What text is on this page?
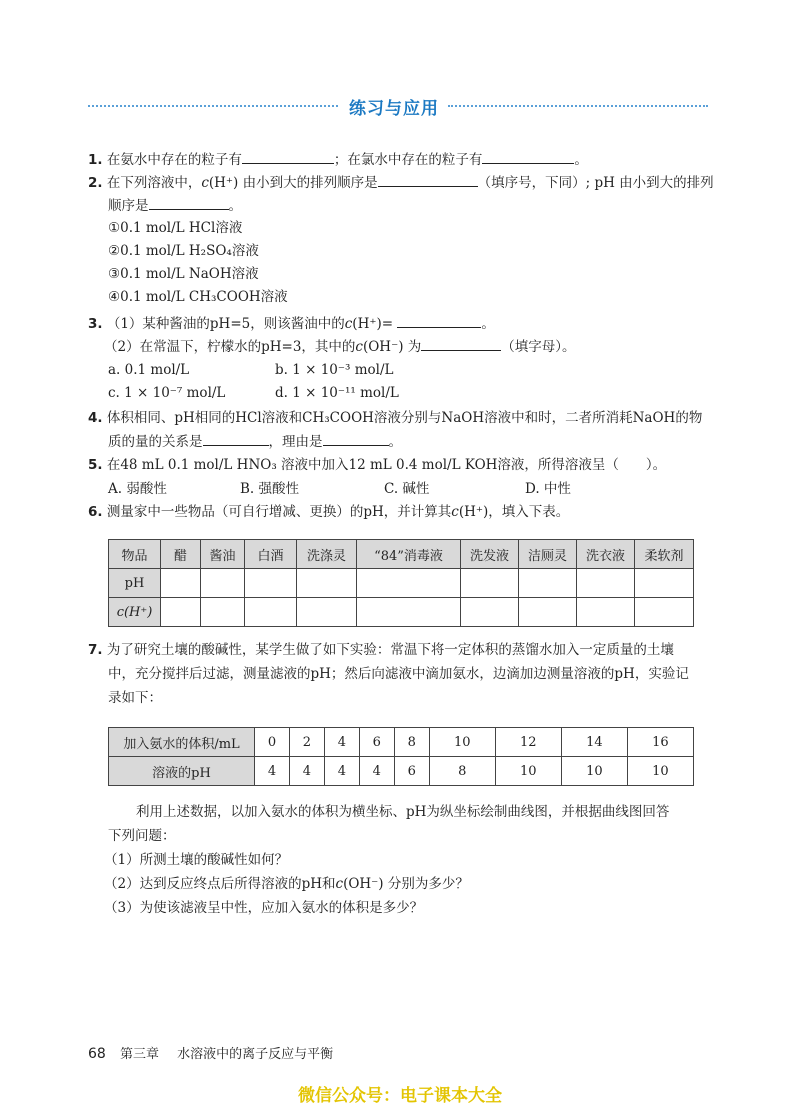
练习与应用
1. 在氨水中存在的粒子有	；在氯水中存在的粒子有	。
2. 在下列溶液中，c(H⁺) 由小到大的排列顺序是	（填序号，下同）; pH 由小到大的排列
顺序是	。
①0.1 mol/L HCl溶液
②0.1 mol/L H₂SO₄溶液
③0.1 mol/L NaOH溶液
④0.1 mol/L CH₃COOH溶液
3. （1）某种酱油的pH=5，则该酱油中的c(H⁺)=	。
（2）在常温下，柠檬水的pH=3，其中的c(OH⁻) 为	（填字母）。
a. 0.1 mol/L	b. 1 × 10⁻³ mol/L
c. 1 × 10⁻⁷ mol/L	d. 1 × 10⁻¹¹ mol/L
4. 体积相同、pH相同的HCl溶液和CH₃COOH溶液分别与NaOH溶液中和时，二者所消耗NaOH的物
质的量的关系是	，理由是	。
5. 在48 mL 0.1 mol/L HNO₃ 溶液中加入12 mL 0.4 mol/L KOH溶液，所得溶液呈（　　）。
A. 弱酸性	B. 强酸性	C. 碱性	D. 中性
6. 测量家中一些物品（可自行增减、更换）的pH，并计算其c(H⁺)，填入下表。
物品	醋	酱油	白酒	洗涤灵	“84”消毒液	洗发液	洁厕灵	洗衣液	柔软剂
pH									
c(H⁺)									
7. 为了研究土壤的酸碱性，某学生做了如下实验：常温下将一定体积的蒸馏水加入一定质量的土壤
中，充分搅拌后过滤，测量滤液的pH；然后向滤液中滴加氨水，边滴加边测量溶液的pH，实验记
录如下：
加入氨水的体积/mL	0	2	4	6	8	10	12	14	16
溶液的pH	4	4	4	4	6	8	10	10	10
利用上述数据，以加入氨水的体积为横坐标、pH为纵坐标绘制曲线图，并根据曲线图回答
下列问题：
（1）所测土壤的酸碱性如何？
（2）达到反应终点后所得溶液的pH和c(OH⁻) 分别为多少？
（3）为使该滤液呈中性，应加入氨水的体积是多少？
68 第三章 水溶液中的离子反应与平衡
微信公众号：电子课本大全
